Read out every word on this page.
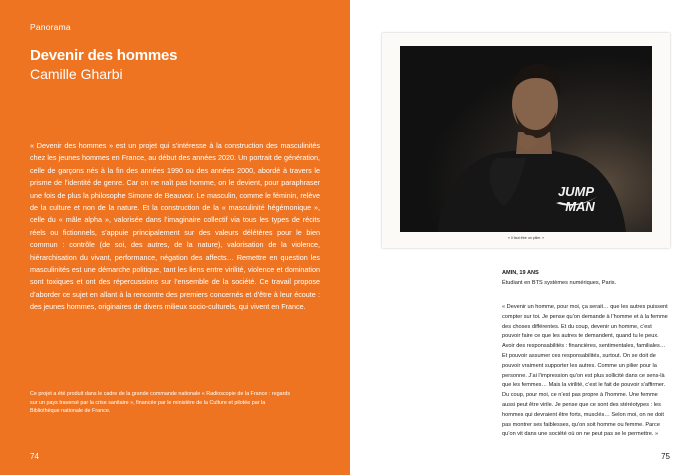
Panorama
Devenir des hommes
Camille Gharbi

« Devenir des hommes » est un projet qui s’intéresse à la construction des masculinités chez les jeunes hommes en France, au début des années 2020. Un portrait de génération, celle de garçons nés à la fin des années 1990 ou des années 2000, abordé à travers le prisme de l’identité de genre. Car on ne naît pas homme, on le devient, pour paraphraser une fois de plus la philosophe Simone de Beauvoir. Le masculin, comme le féminin, relève de la culture et non de la nature. Et la construction de la « masculinité hégémonique », celle du « mâle alpha », valorisée dans l’imaginaire collectif via tous les types de récits réels ou fictionnels, s’appuie principalement sur des valeurs délétères pour le bien commun : contrôle (de soi, des autres, de la nature), valorisation de la violence, hiérarchisation du vivant, performance, négation des affects… Remettre en question les masculinités est une démarche politique, tant les liens entre virilité, violence et domination sont toxiques et ont des répercussions sur l’ensemble de la société. Ce travail propose d’aborder ce sujet en allant à la rencontre des premiers concernés et d’être à leur écoute : des jeunes hommes, originaires de divers milieux socio-culturels, qui vivent en France.

Ce projet a été produit dans le cadre de la grande commande nationale « Radioscopie de la France : regards sur un pays traversé par la crise sanitaire », financée par le ministère de la Culture et pilotée par la Bibliothèque nationale de France.
74
JUMP
MAN
« Il faut être un pilier. »
AMIN, 19 ANS
Étudiant en BTS systèmes numériques, Paris.

« Devenir un homme, pour moi, ça serait… que les autres puissent compter sur toi. Je pense qu’on demande à l’homme et à la femme des choses différentes. Et du coup, devenir un homme, c’est pouvoir faire ce que les autres te demandent, quand tu le peux. Avoir des responsabilités : financières, sentimentales, familiales… Et pouvoir assumer ces responsabilités, surtout. On se doit de pouvoir vraiment supporter les autres. Comme un pilier pour la personne. J’ai l’impression qu’on est plus sollicité dans ce sens-là que les femmes… Mais la virilité, c’est le fait de pouvoir s’affirmer. Du coup, pour moi, ce n’est pas propre à l’homme. Une femme aussi peut être virile. Je pense que ce sont des stéréotypes : les hommes qui devraient être forts, musclés… Selon moi, on ne doit pas montrer ses faiblesses, qu’on soit homme ou femme. Parce qu’on vit dans une société où on ne peut pas se le permettre. »

75
